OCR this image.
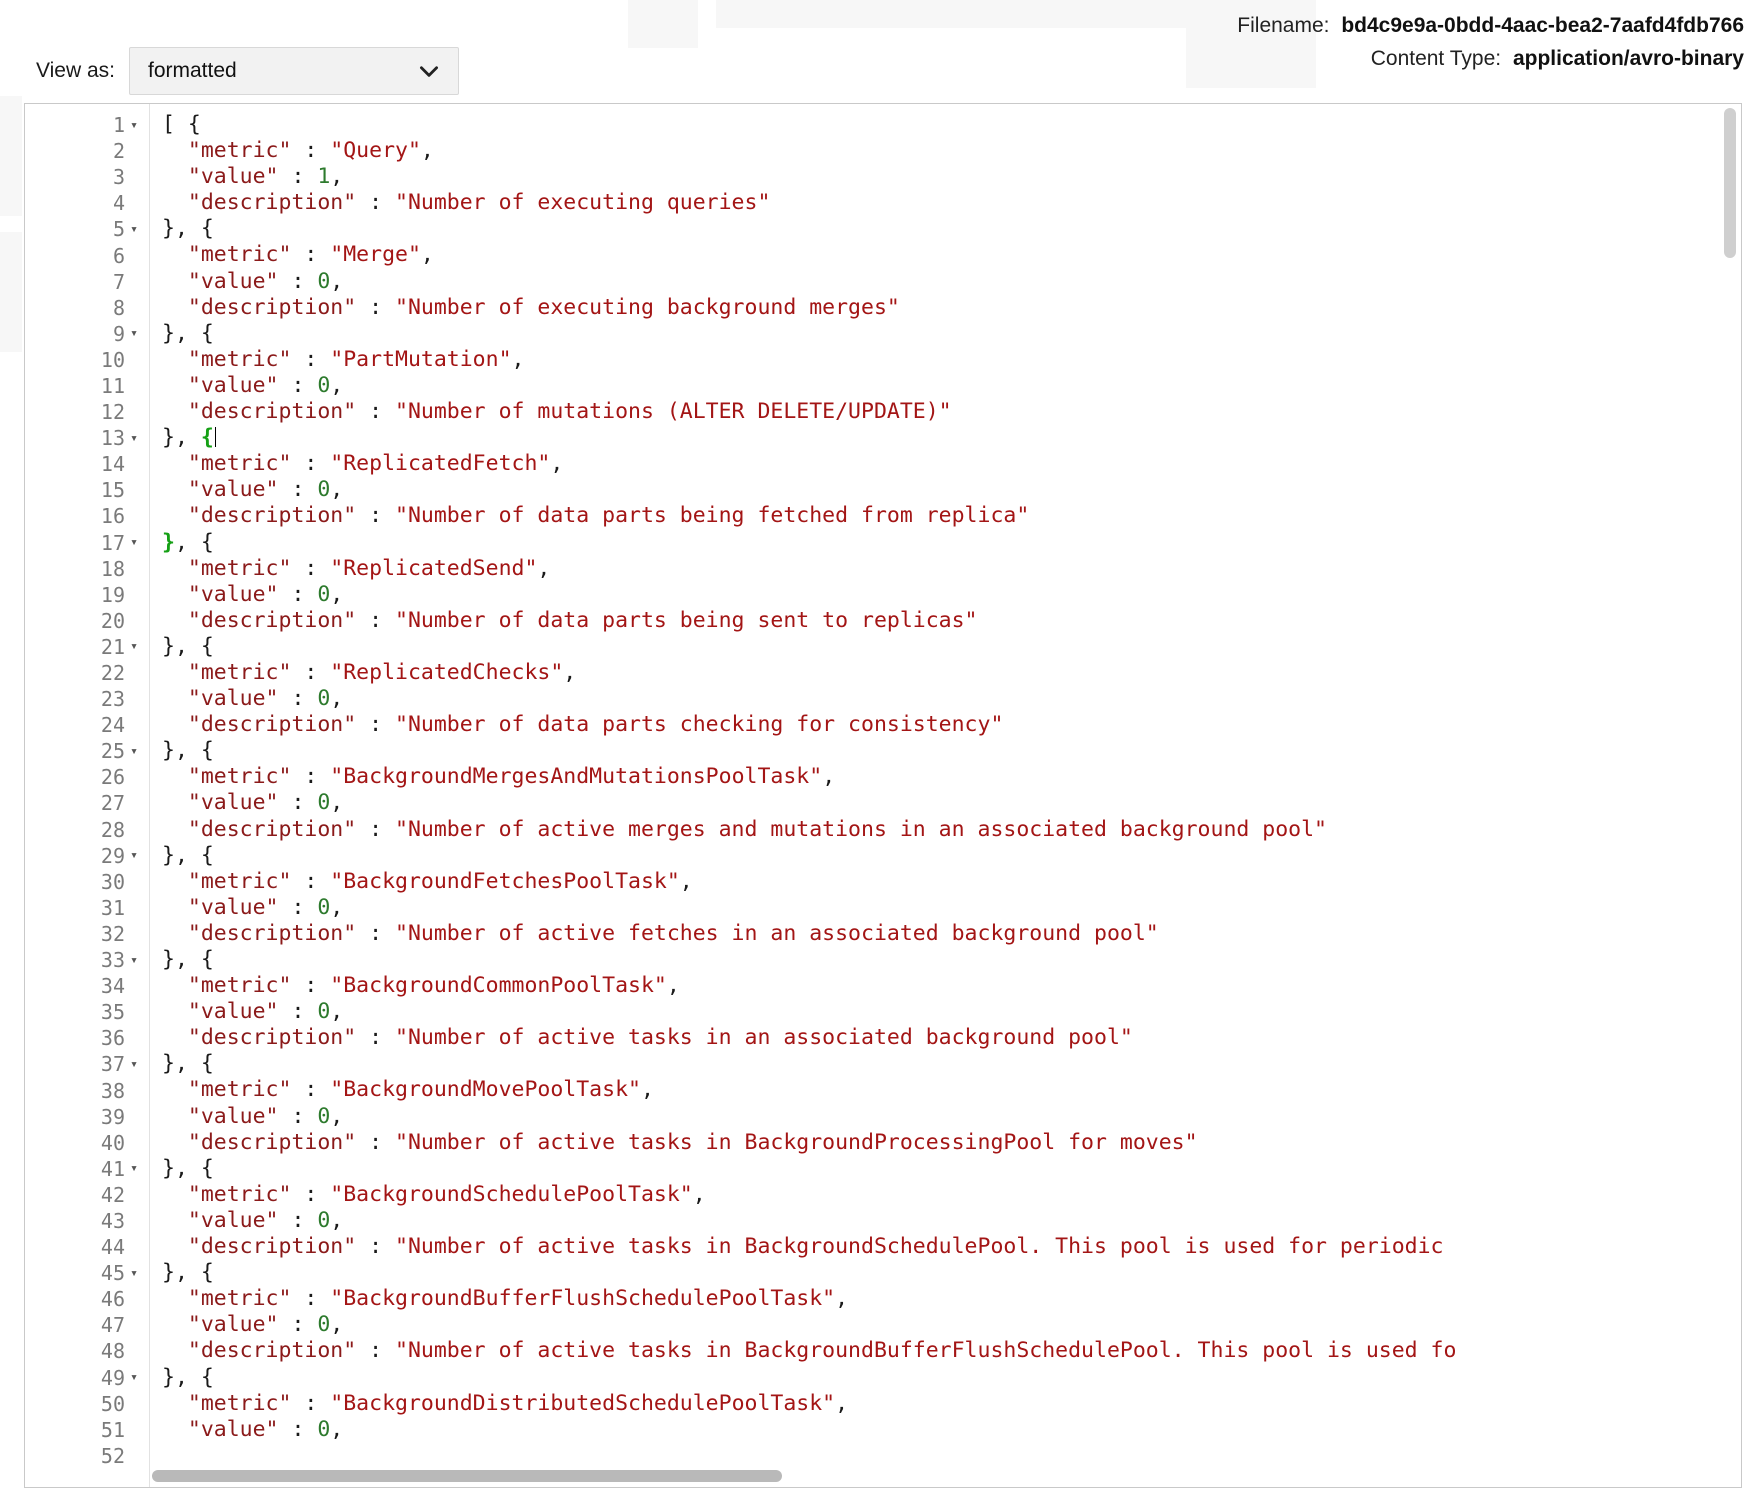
Filename: bd4c9e9a-0bdd-4aac-bea2-7aafd4fdb766
Content Type: application/avro-binary
View as: formatted
1 ▾
2
3
4
5 ▾
6
7
8
9 ▾
10
11
12
13 ▾
14
15
16
17 ▾
18
19
20
21 ▾
22
23
24
25 ▾
26
27
28
29 ▾
30
31
32
33 ▾
34
35
36
37 ▾
38
39
40
41 ▾
42
43
44
45 ▾
46
47
48
49 ▾
50
51
52
[ {
"metric" : "Query",
"value" : 1,
"description" : "Number of executing queries"
}, {
"metric" : "Merge",
"value" : 0,
"description" : "Number of executing background merges"
}, {
"metric" : "PartMutation",
"value" : 0,
"description" : "Number of mutations (ALTER DELETE/UPDATE)"
}, {
"metric" : "ReplicatedFetch",
"value" : 0,
"description" : "Number of data parts being fetched from replica"
}, {
"metric" : "ReplicatedSend",
"value" : 0,
"description" : "Number of data parts being sent to replicas"
}, {
"metric" : "ReplicatedChecks",
"value" : 0,
"description" : "Number of data parts checking for consistency"
}, {
"metric" : "BackgroundMergesAndMutationsPoolTask",
"value" : 0,
"description" : "Number of active merges and mutations in an associated background pool"
}, {
"metric" : "BackgroundFetchesPoolTask",
"value" : 0,
"description" : "Number of active fetches in an associated background pool"
}, {
"metric" : "BackgroundCommonPoolTask",
"value" : 0,
"description" : "Number of active tasks in an associated background pool"
}, {
"metric" : "BackgroundMovePoolTask",
"value" : 0,
"description" : "Number of active tasks in BackgroundProcessingPool for moves"
}, {
"metric" : "BackgroundSchedulePoolTask",
"value" : 0,
"description" : "Number of active tasks in BackgroundSchedulePool. This pool is used for periodic
}, {
"metric" : "BackgroundBufferFlushSchedulePoolTask",
"value" : 0,
"description" : "Number of active tasks in BackgroundBufferFlushSchedulePool. This pool is used fo
}, {
"metric" : "BackgroundDistributedSchedulePoolTask",
"value" : 0,
